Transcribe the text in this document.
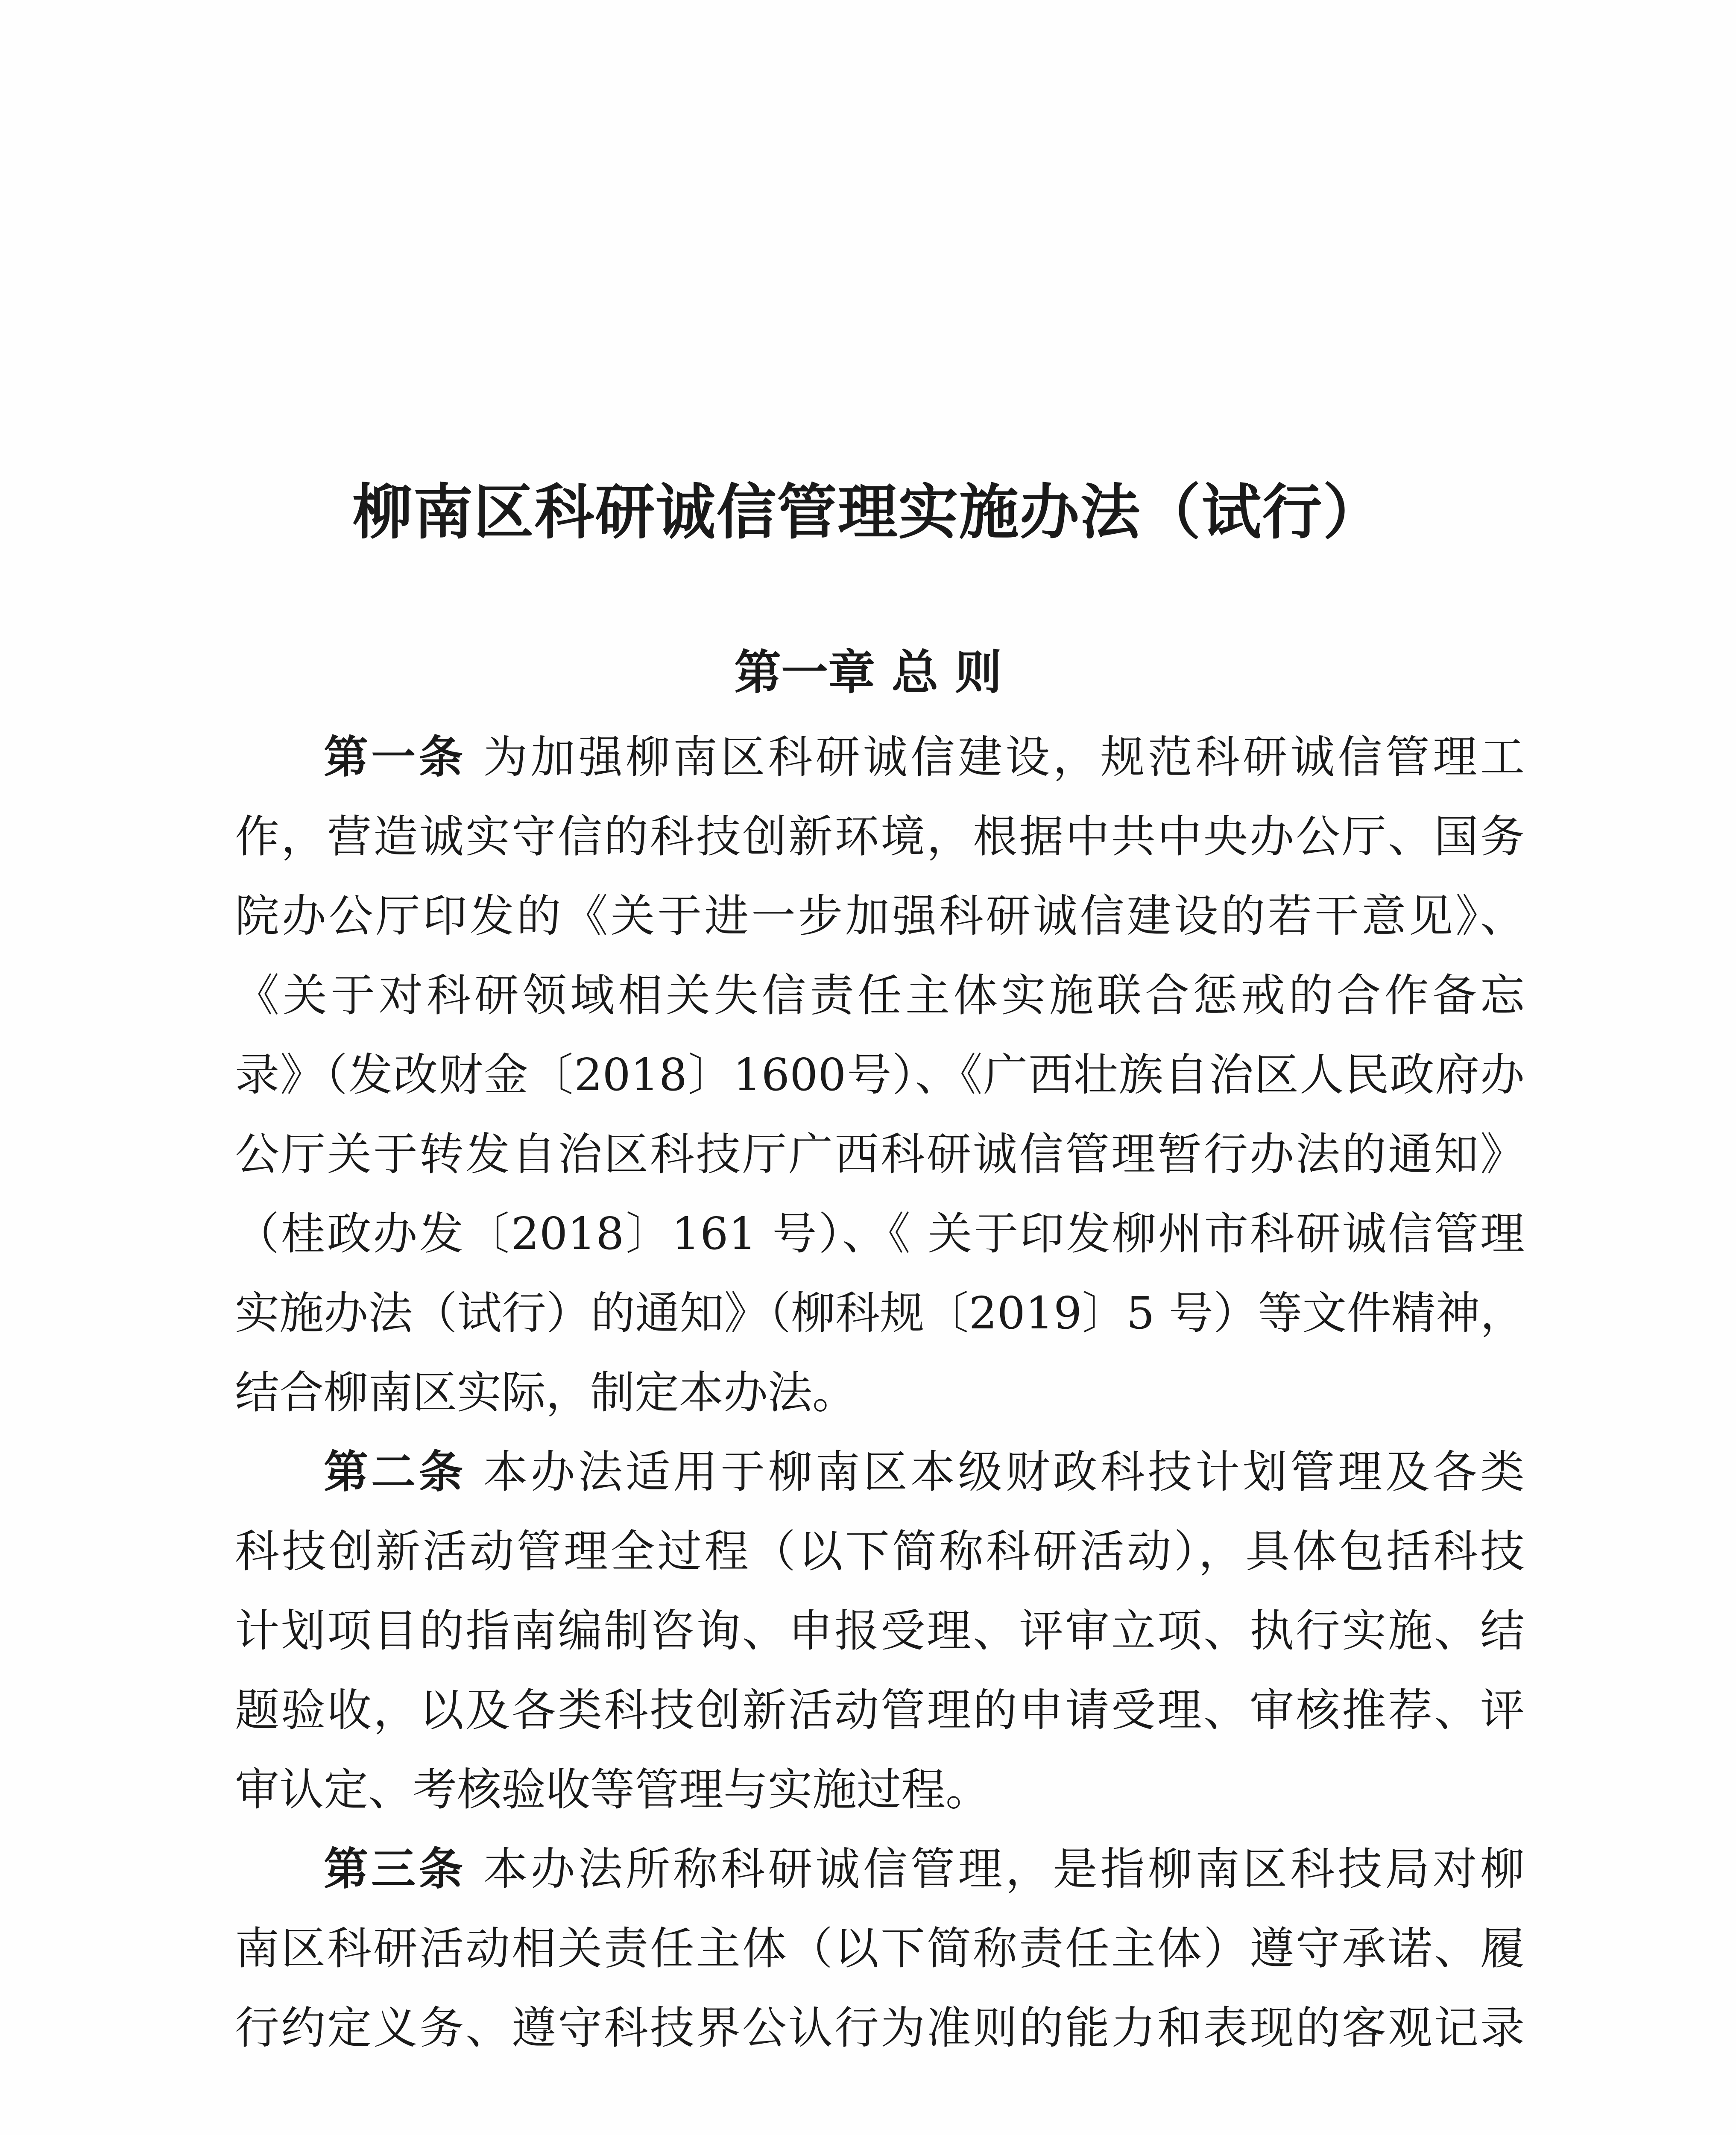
柳南区科研诚信管理实施办法（试行）
第一章 总 则
第一条 为加强柳南区科研诚信建设，规范科研诚信管理工
作，营造诚实守信的科技创新环境，根据中共中央办公厅、国务
院办公厅印发的《关于进一步加强科研诚信建设的若干意见》、
《关于对科研领域相关失信责任主体实施联合惩戒的合作备忘
录》（发改财金〔2018〕1600号）、《广西壮族自治区人民政府办
公厅关于转发自治区科技厅广西科研诚信管理暂行办法的通知》
（桂政办发〔2018〕161 号）、《 关于印发柳州市科研诚信管理
实施办法（试行）的通知》（柳科规〔2019〕5 号）等文件精神，
结合柳南区实际，制定本办法。
第二条 本办法适用于柳南区本级财政科技计划管理及各类
科技创新活动管理全过程（以下简称科研活动），具体包括科技
计划项目的指南编制咨询、申报受理、评审立项、执行实施、结
题验收，以及各类科技创新活动管理的申请受理、审核推荐、评
审认定、考核验收等管理与实施过程。
第三条 本办法所称科研诚信管理，是指柳南区科技局对柳
南区科研活动相关责任主体（以下简称责任主体）遵守承诺、履
行约定义务、遵守科技界公认行为准则的能力和表现的客观记录
